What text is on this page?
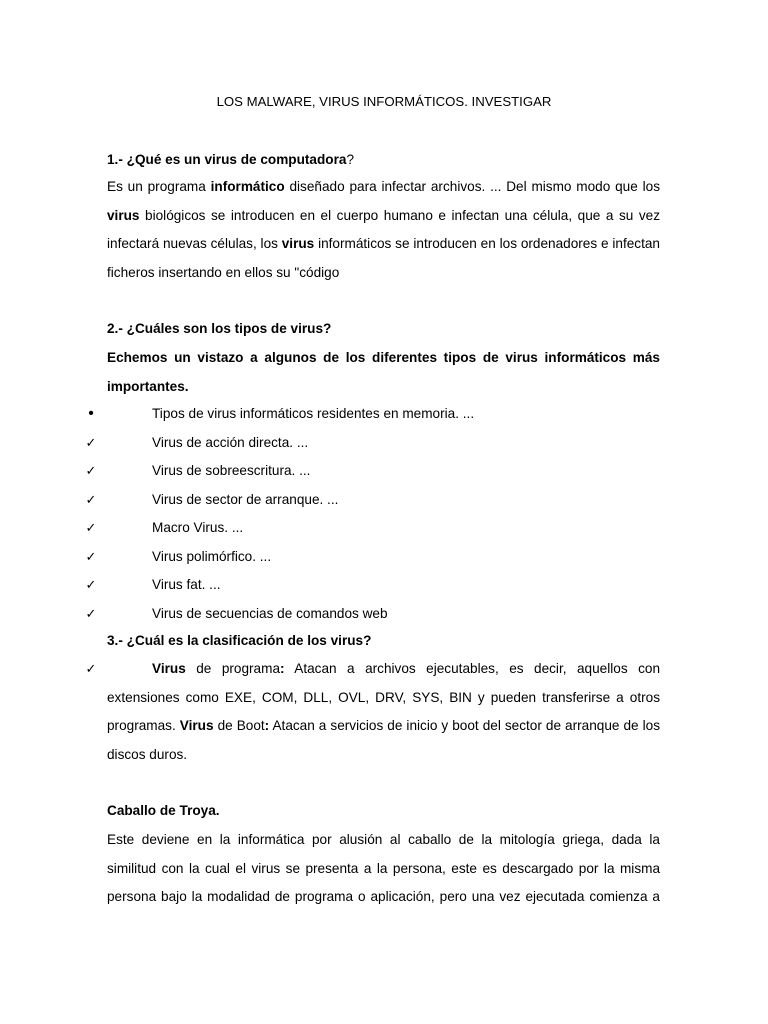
LOS MALWARE, VIRUS INFORMÁTICOS. INVESTIGAR
1.- ¿Qué es un virus de computadora?
Es un programa informático diseñado para infectar archivos. ... Del mismo modo que los virus biológicos se introducen en el cuerpo humano e infectan una célula, que a su vez infectará nuevas células, los virus informáticos se introducen en los ordenadores e infectan ficheros insertando en ellos su "código
2.- ¿Cuáles son los tipos de virus?
Echemos un vistazo a algunos de los diferentes tipos de virus informáticos más importantes.
•	Tipos de virus informáticos residentes en memoria. ...
✓	Virus de acción directa. ...
✓	Virus de sobreescritura. ...
✓	Virus de sector de arranque. ...
✓	Macro Virus. ...
✓	Virus polimórfico. ...
✓	Virus fat. ...
✓	Virus de secuencias de comandos web
3.- ¿Cuál es la clasificación de los virus?
✓	Virus de programa: Atacan a archivos ejecutables, es decir, aquellos con extensiones como EXE, COM, DLL, OVL, DRV, SYS, BIN y pueden transferirse a otros programas. Virus de Boot: Atacan a servicios de inicio y boot del sector de arranque de los discos duros.
Caballo de Troya.
Este deviene en la informática por alusión al caballo de la mitología griega, dada la
similitud con la cual el virus se presenta a la persona, este es descargado por la misma
persona bajo la modalidad de programa o aplicación, pero una vez ejecutada comienza a
